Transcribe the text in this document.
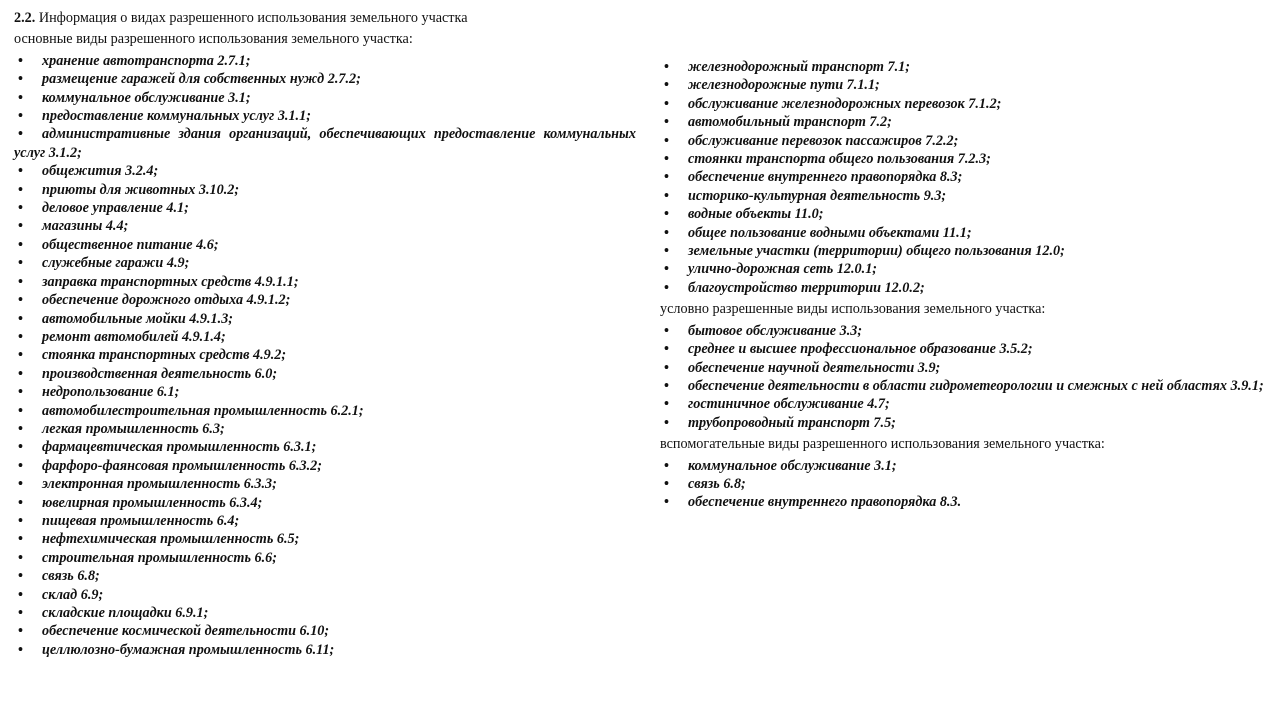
2.2. Информация о видах разрешенного использования земельного участка
основные виды разрешенного использования земельного участка:
• хранение автотранспорта 2.7.1;
• размещение гаражей для собственных нужд 2.7.2;
• коммунальное обслуживание 3.1;
• предоставление коммунальных услуг 3.1.1;
• административные здания организаций, обеспечивающих предоставление коммунальных услуг 3.1.2;
• общежития 3.2.4;
• приюты для животных 3.10.2;
• деловое управление 4.1;
• магазины 4.4;
• общественное питание 4.6;
• служебные гаражи 4.9;
• заправка транспортных средств 4.9.1.1;
• обеспечение дорожного отдыха 4.9.1.2;
• автомобильные мойки 4.9.1.3;
• ремонт автомобилей 4.9.1.4;
• стоянка транспортных средств 4.9.2;
• производственная деятельность 6.0;
• недропользование 6.1;
• автомобилестроительная промышленность 6.2.1;
• легкая промышленность 6.3;
• фармацевтическая промышленность 6.3.1;
• фарфоро-фаянсовая промышленность 6.3.2;
• электронная промышленность 6.3.3;
• ювелирная промышленность 6.3.4;
• пищевая промышленность 6.4;
• нефтехимическая промышленность 6.5;
• строительная промышленность 6.6;
• связь 6.8;
• склад 6.9;
• складские площадки 6.9.1;
• обеспечение космической деятельности 6.10;
• целлюлозно-бумажная промышленность 6.11;
• железнодорожный транспорт 7.1;
• железнодорожные пути 7.1.1;
• обслуживание железнодорожных перевозок 7.1.2;
• автомобильный транспорт 7.2;
• обслуживание перевозок пассажиров 7.2.2;
• стоянки транспорта общего пользования 7.2.3;
• обеспечение внутреннего правопорядка 8.3;
• историко-культурная деятельность 9.3;
• водные объекты 11.0;
• общее пользование водными объектами 11.1;
• земельные участки (территории) общего пользования 12.0;
• улично-дорожная сеть 12.0.1;
• благоустройство территории 12.0.2;
условно разрешенные виды использования земельного участка:
• бытовое обслуживание 3.3;
• среднее и высшее профессиональное образование 3.5.2;
• обеспечение научной деятельности 3.9;
• обеспечение деятельности в области гидрометеорологии и смежных с ней областях 3.9.1;
• гостиничное обслуживание 4.7;
• трубопроводный транспорт 7.5;
вспомогательные виды разрешенного использования земельного участка:
• коммунальное обслуживание 3.1;
• связь 6.8;
• обеспечение внутреннего правопорядка 8.3.
